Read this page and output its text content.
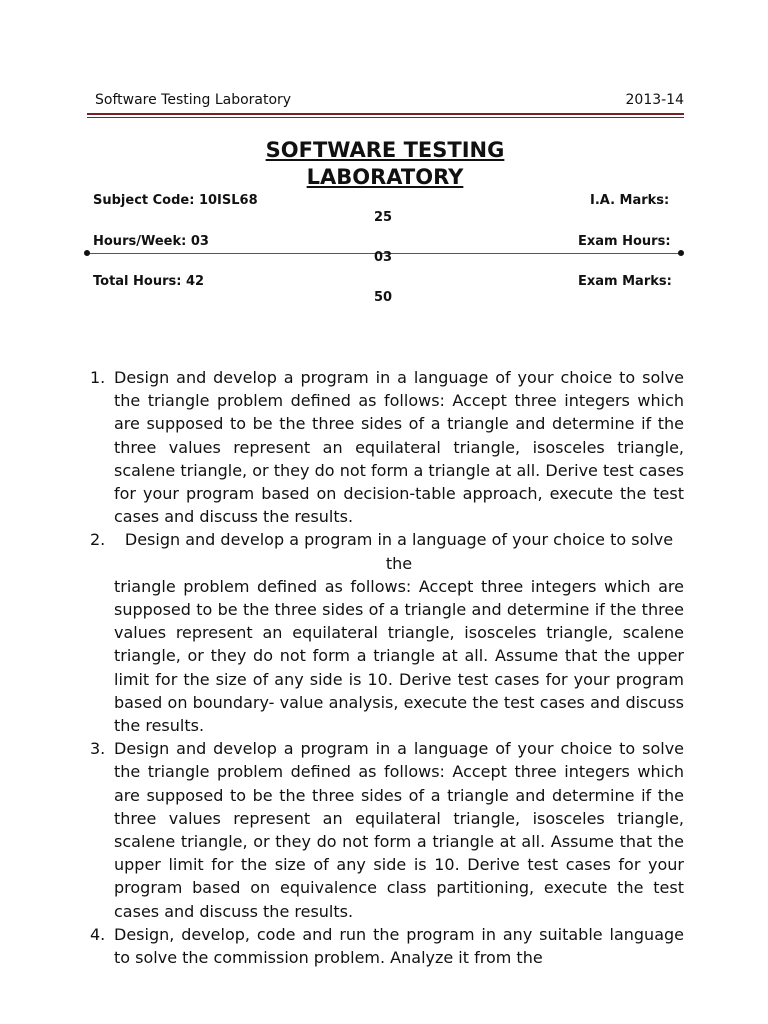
Software Testing Laboratory	2013-14
SOFTWARE TESTING
LABORATORY
Subject Code: 10ISL68	I.A. Marks:
25
Hours/Week: 03	Exam Hours:
03
Total Hours: 42	Exam Marks:
50
1. Design and develop a program in a language of your choice to solve the triangle problem defined as follows: Accept three integers which are supposed to be the three sides of a triangle and determine if the three values represent an equilateral triangle, isosceles triangle, scalene triangle, or they do not form a triangle at all. Derive test cases for your program based on decision-table approach, execute the test cases and discuss the results.
2.	Design and develop a program in a language of your choice to solve the
triangle problem defined as follows: Accept three integers which are supposed to be the three sides of a triangle and determine if the three values represent an equilateral triangle, isosceles triangle, scalene triangle, or they do not form a triangle at all. Assume that the upper limit for the size of any side is 10. Derive test cases for your program based on boundary- value analysis, execute the test cases and discuss the results.
3. Design and develop a program in a language of your choice to solve the triangle problem defined as follows: Accept three integers which are supposed to be the three sides of a triangle and determine if the three values represent an equilateral triangle, isosceles triangle, scalene triangle, or they do not form a triangle at all. Assume that the upper limit for the size of any side is 10. Derive test cases for your program based on equivalence class partitioning, execute the test cases and discuss the results.
4. Design, develop, code and run the program in any suitable language to solve the commission problem. Analyze it from the
